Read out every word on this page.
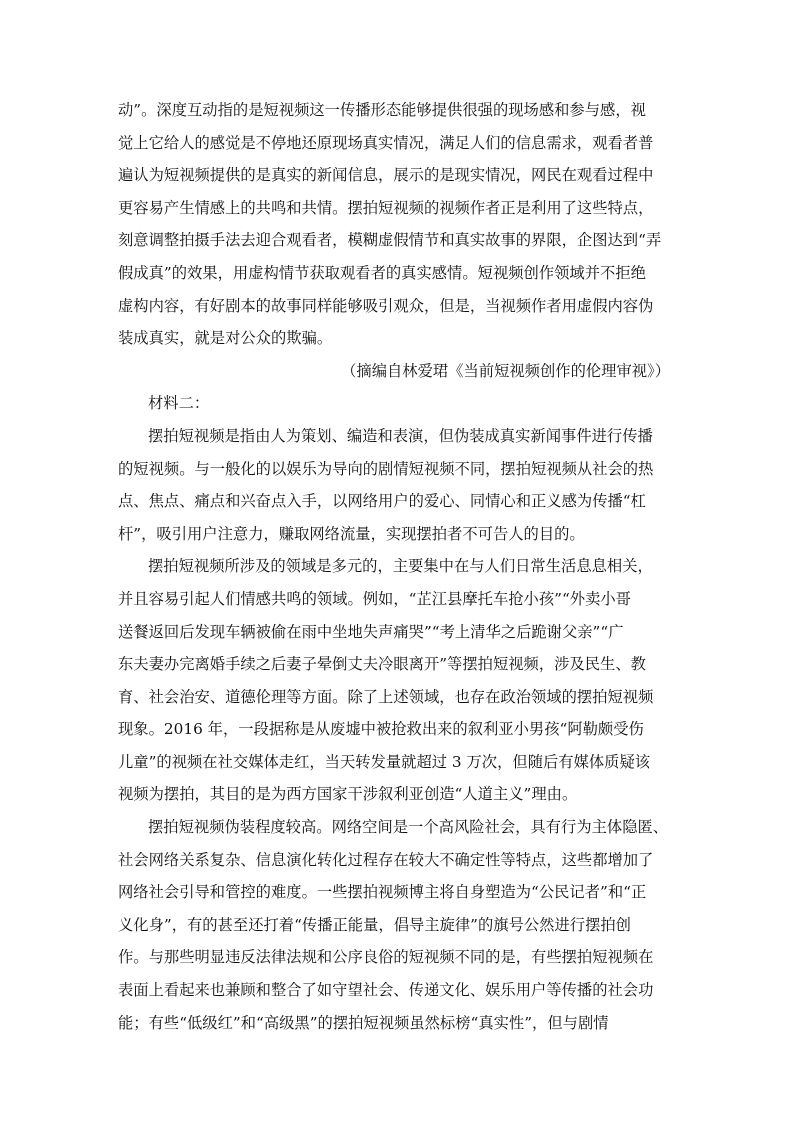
动”。深度互动指的是短视频这一传播形态能够提供很强的现场感和参与感，视
觉上它给人的感觉是不停地还原现场真实情况，满足人们的信息需求，观看者普
遍认为短视频提供的是真实的新闻信息，展示的是现实情况，网民在观看过程中
更容易产生情感上的共鸣和共情。摆拍短视频的视频作者正是利用了这些特点，
刻意调整拍摄手法去迎合观看者，模糊虚假情节和真实故事的界限，企图达到“弄
假成真”的效果，用虚构情节获取观看者的真实感情。短视频创作领域并不拒绝
虚构内容，有好剧本的故事同样能够吸引观众，但是，当视频作者用虚假内容伪
装成真实，就是对公众的欺骗。
（摘编自林爱珺《当前短视频创作的伦理审视》）
材料二：
摆拍短视频是指由人为策划、编造和表演，但伪装成真实新闻事件进行传播
的短视频。与一般化的以娱乐为导向的剧情短视频不同，摆拍短视频从社会的热
点、焦点、痛点和兴奋点入手，以网络用户的爱心、同情心和正义感为传播“杠
杆”，吸引用户注意力，赚取网络流量，实现摆拍者不可告人的目的。
摆拍短视频所涉及的领域是多元的，主要集中在与人们日常生活息息相关，
并且容易引起人们情感共鸣的领域。例如，“芷江县摩托车抢小孩”“外卖小哥
送餐返回后发现车辆被偷在雨中坐地失声痛哭”“考上清华之后跪谢父亲”“广
东夫妻办完离婚手续之后妻子晕倒丈夫冷眼离开”等摆拍短视频，涉及民生、教
育、社会治安、道德伦理等方面。除了上述领域，也存在政治领域的摆拍短视频
现象。2016 年，一段据称是从废墟中被抢救出来的叙利亚小男孩“阿勒颇受伤
儿童”的视频在社交媒体走红，当天转发量就超过 3 万次，但随后有媒体质疑该
视频为摆拍，其目的是为西方国家干涉叙利亚创造“人道主义”理由。
摆拍短视频伪装程度较高。网络空间是一个高风险社会，具有行为主体隐匿、
社会网络关系复杂、信息演化转化过程存在较大不确定性等特点，这些都增加了
网络社会引导和管控的难度。一些摆拍视频博主将自身塑造为“公民记者”和“正
义化身”，有的甚至还打着“传播正能量，倡导主旋律”的旗号公然进行摆拍创
作。与那些明显违反法律法规和公序良俗的短视频不同的是，有些摆拍短视频在
表面上看起来也兼顾和整合了如守望社会、传递文化、娱乐用户等传播的社会功
能；有些“低级红”和“高级黑”的摆拍短视频虽然标榜“真实性”，但与剧情
